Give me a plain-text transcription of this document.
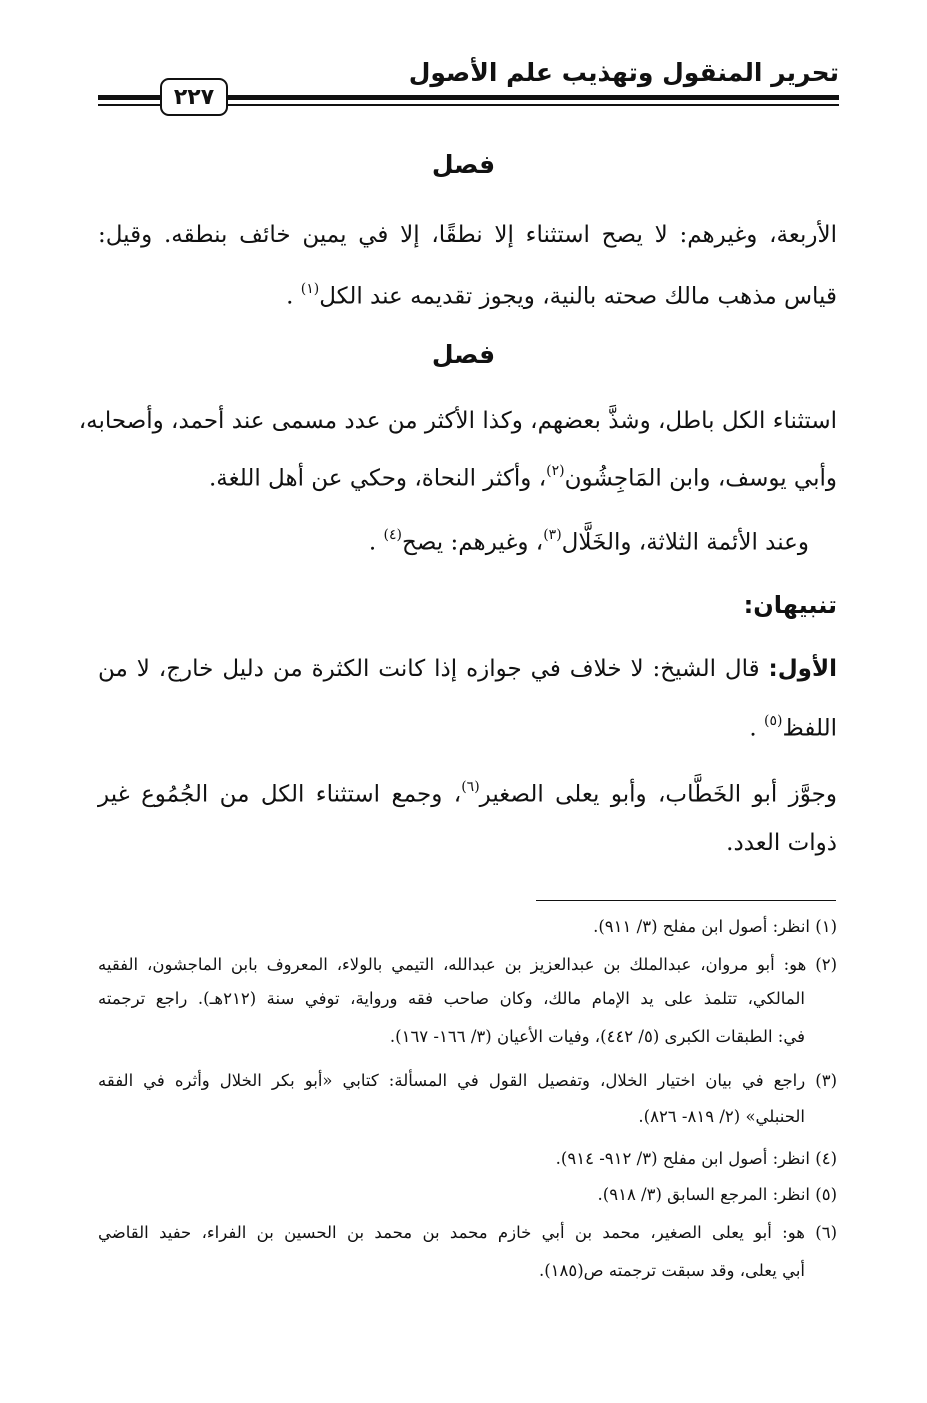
تحرير المنقول وتهذيب علم الأصول
٢٢٧
فصل
الأربعة، وغيرهم: لا يصح استثناء إلا نطقًا، إلا في يمين خائف بنطقه. وقيل:
قياس مذهب مالك صحته بالنية، ويجوز تقديمه عند الكل$^{(١)}$ .
فصل
استثناء الكل باطل، وشذَّ بعضهم، وكذا الأكثر من عدد مسمى عند أحمد، وأصحابه،
وأبي يوسف، وابن المَاجِشُون$^{(٢)}$، وأكثر النحاة، وحكي عن أهل اللغة.
وعند الأئمة الثلاثة، والخَلَّال$^{(٣)}$، وغيرهم: يصح$^{(٤)}$ .
تنبيهان:
الأول: قال الشيخ: لا خلاف في جوازه إذا كانت الكثرة من دليل خارج، لا من
اللفظ$^{(٥)}$ .
وجوَّز أبو الخَطَّاب، وأبو يعلى الصغير$^{(٦)}$، وجمع استثناء الكل من الجُمُوع غير
ذوات العدد.
(١) انظر: أصول ابن مفلح (٣/ ٩١١).
(٢) هو: أبو مروان، عبدالملك بن عبدالعزيز بن عبدالله، التيمي بالولاء، المعروف بابن الماجشون، الفقيه
المالكي، تتلمذ على يد الإمام مالك، وكان صاحب فقه ورواية، توفي سنة (٢١٢هـ). راجع ترجمته
في: الطبقات الكبرى (٥/ ٤٤٢)، وفيات الأعيان (٣/ ١٦٦- ١٦٧).
(٣) راجع في بيان اختيار الخلال، وتفصيل القول في المسألة: كتابي «أبو بكر الخلال وأثره في الفقه
الحنبلي» (٢/ ٨١٩- ٨٢٦).
(٤) انظر: أصول ابن مفلح (٣/ ٩١٢- ٩١٤).
(٥) انظر: المرجع السابق (٣/ ٩١٨).
(٦) هو: أبو يعلى الصغير، محمد بن أبي خازم محمد بن محمد بن الحسين بن الفراء، حفيد القاضي
أبي يعلى، وقد سبقت ترجمته ص(١٨٥).
